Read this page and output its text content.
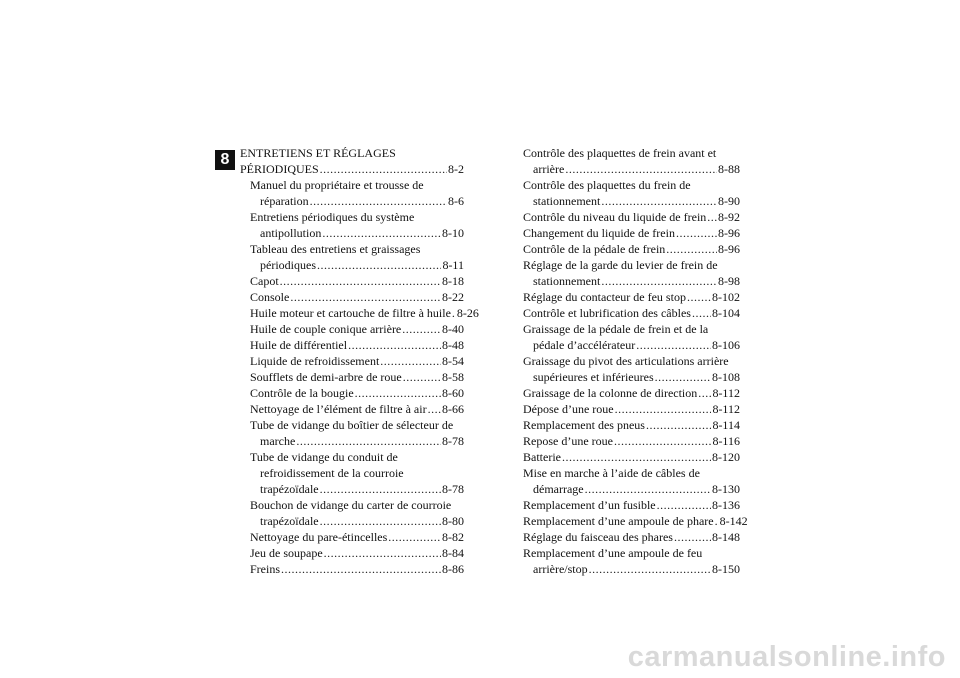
8 ENTRETIENS ET RÉGLAGES
PÉRIODIQUES .....	8-2
Manuel du propriétaire et trousse de
réparation .....	8-6
Entretiens périodiques du système
antipollution .....	8-10
Tableau des entretiens et graissages
périodiques .....	8-11
Capot .....	8-18
Console .....	8-22
Huile moteur et cartouche de filtre à huile ..... 8-26
Huile de couple conique arrière .....	8-40
Huile de différentiel .....	8-48
Liquide de refroidissement .....	8-54
Soufflets de demi-arbre de roue .....	8-58
Contrôle de la bougie .....	8-60
Nettoyage de l’élément de filtre à air ..... 8-66
Tube de vidange du boîtier de sélecteur de
marche .....	8-78
Tube de vidange du conduit de
refroidissement de la courroie
trapézoïdale .....	8-78
Bouchon de vidange du carter de courroie
trapézoïdale .....	8-80
Nettoyage du pare-étincelles .....	8-82
Jeu de soupape .....	8-84
Freins .....	8-86
Contrôle des plaquettes de frein avant et
arrière .....	8-88
Contrôle des plaquettes du frein de
stationnement .....	8-90
Contrôle du niveau du liquide de frein ..... 8-92
Changement du liquide de frein .....	8-96
Contrôle de la pédale de frein .....	8-96
Réglage de la garde du levier de frein de
stationnement .....	8-98
Réglage du contacteur de feu stop ..... 8-102
Contrôle et lubrification des câbles ..... 8-104
Graissage de la pédale de frein et de la
pédale d’accélérateur .....	8-106
Graissage du pivot des articulations arrière
supérieures et inférieures .....	8-108
Graissage de la colonne de direction ..... 8-112
Dépose d’une roue .....	8-112
Remplacement des pneus .....	8-114
Repose d’une roue .....	8-116
Batterie .....	8-120
Mise en marche à l’aide de câbles de
démarrage .....	8-130
Remplacement d’un fusible .....	8-136
Remplacement d’une ampoule de phare ..... 8-142
Réglage du faisceau des phares .....	8-148
Remplacement d’une ampoule de feu
arrière/stop .....	8-150
carmanualsonline.info
